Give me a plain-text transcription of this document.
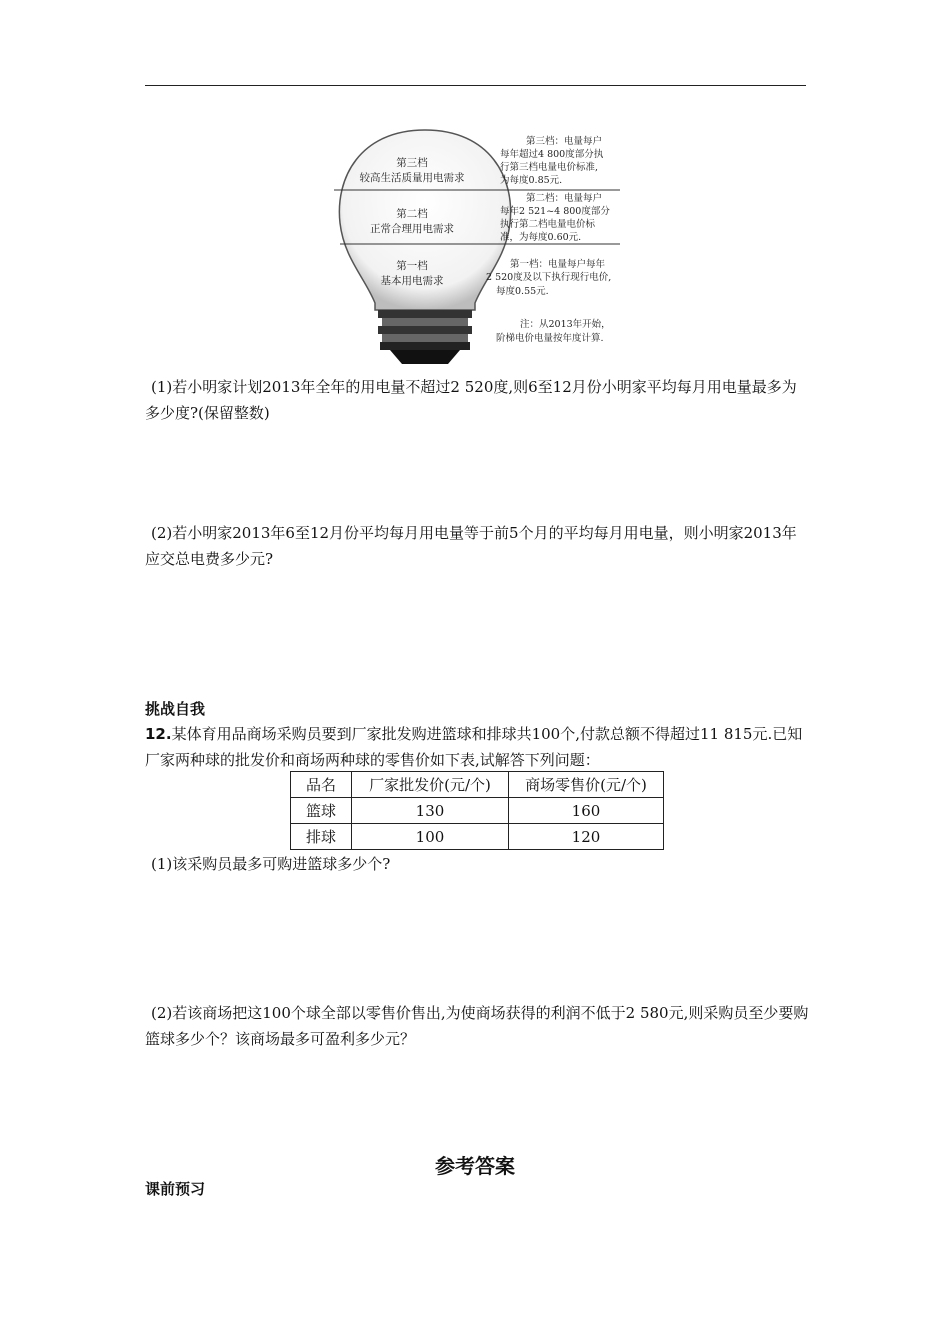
第三档
较高生活质量用电需求
第二档
正常合理用电需求
第一档
基本用电需求
第三档：电量每户
每年超过4 800度部分执
行第三档电量电价标准,
为每度0.85元.
第二档：电量每户
每年2 521~4 800度部分
执行第二档电量电价标
准，为每度0.60元.
第一档：电量每户每年
2 520度及以下执行现行电价,
每度0.55元.
注：从2013年开始，
阶梯电价电量按年度计算.

(1)若小明家计划2013年全年的用电量不超过2 520度,则6至12月份小明家平均每月用电量最多为多少度?(保留整数)

(2)若小明家2013年6至12月份平均每月用电量等于前5个月的平均每月用电量，则小明家2013年应交总电费多少元?

挑战自我

12.某体育用品商场采购员要到厂家批发购进篮球和排球共100个,付款总额不得超过11 815元.已知厂家两种球的批发价和商场两种球的零售价如下表,试解答下列问题：

品名	厂家批发价(元/个)	商场零售价(元/个)
篮球	130	160
排球	100	120

(1)该采购员最多可购进篮球多少个?

(2)若该商场把这100个球全部以零售价售出,为使商场获得的利润不低于2 580元,则采购员至少要购篮球多少个？该商场最多可盈利多少元？

参考答案
课前预习
